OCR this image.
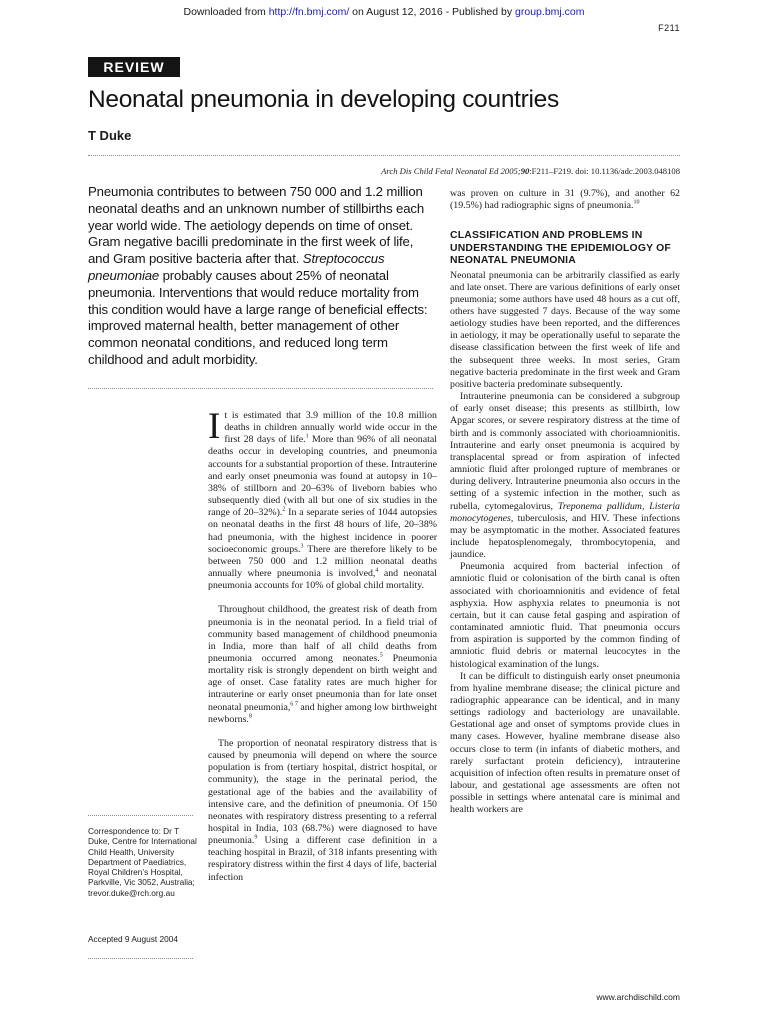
Downloaded from http://fn.bmj.com/ on August 12, 2016 - Published by group.bmj.com
F211
REVIEW
Neonatal pneumonia in developing countries
T Duke
Arch Dis Child Fetal Neonatal Ed 2005;90:F211–F219. doi: 10.1136/adc.2003.048108
Pneumonia contributes to between 750 000 and 1.2 million neonatal deaths and an unknown number of stillbirths each year world wide. The aetiology depends on time of onset. Gram negative bacilli predominate in the first week of life, and Gram positive bacteria after that. Streptococcus pneumoniae probably causes about 25% of neonatal pneumonia. Interventions that would reduce mortality from this condition would have a large range of beneficial effects: improved maternal health, better management of other common neonatal conditions, and reduced long term childhood and adult morbidity.

It is estimated that 3.9 million of the 10.8 million deaths in children annually world wide occur in the first 28 days of life.$^1$ More than 96% of all neonatal deaths occur in developing countries, and pneumonia accounts for a substantial proportion of these. Intrauterine and early onset pneumonia was found at autopsy in 10–38% of stillborn and 20–63% of liveborn babies who subsequently died (with all but one of six studies in the range of 20–32%).$^2$ In a separate series of 1044 autopsies on neonatal deaths in the first 48 hours of life, 20–38% had pneumonia, with the highest incidence in poorer socioeconomic groups.$^3$ There are therefore likely to be between 750 000 and 1.2 million neonatal deaths annually where pneumonia is involved,$^4$ and neonatal pneumonia accounts for 10% of global child mortality.

Throughout childhood, the greatest risk of death from pneumonia is in the neonatal period. In a field trial of community based management of childhood pneumonia in India, more than half of all child deaths from pneumonia occurred among neonates.$^5$ Pneumonia mortality risk is strongly dependent on birth weight and age of onset. Case fatality rates are much higher for intrauterine or early onset pneumonia than for late onset neonatal pneumonia,$^{6 7}$ and higher among low birthweight newborns.$^8$

The proportion of neonatal respiratory distress that is caused by pneumonia will depend on where the source population is from (tertiary hospital, district hospital, or community), the stage in the perinatal period, the gestational age of the babies and the availability of intensive care, and the definition of pneumonia. Of 150 neonates with respiratory distress presenting to a referral hospital in India, 103 (68.7%) were diagnosed to have pneumonia.$^9$ Using a different case definition in a teaching hospital in Brazil, of 318 infants presenting with respiratory distress within the first 4 days of life, bacterial infection

was proven on culture in 31 (9.7%), and another 62 (19.5%) had radiographic signs of pneumonia.$^{10}$

CLASSIFICATION AND PROBLEMS IN UNDERSTANDING THE EPIDEMIOLOGY OF NEONATAL PNEUMONIA

Neonatal pneumonia can be arbitrarily classified as early and late onset. There are various definitions of early onset pneumonia; some authors have used 48 hours as a cut off, others have suggested 7 days. Because of the way some aetiology studies have been reported, and the differences in aetiology, it may be operationally useful to separate the disease classification between the first week of life and the subsequent three weeks. In most series, Gram negative bacteria predominate in the first week and Gram positive bacteria predominate subsequently.

Intrauterine pneumonia can be considered a subgroup of early onset disease; this presents as stillbirth, low Apgar scores, or severe respiratory distress at the time of birth and is commonly associated with chorioamnionitis. Intrauterine and early onset pneumonia is acquired by transplacental spread or from aspiration of infected amniotic fluid after prolonged rupture of membranes or during delivery. Intrauterine pneumonia also occurs in the setting of a systemic infection in the mother, such as rubella, cytomegalovirus, Treponema pallidum, Listeria monocytogenes, tuberculosis, and HIV. These infections may be asymptomatic in the mother. Associated features include hepatosplenomegaly, thrombocytopenia, and jaundice.

Pneumonia acquired from bacterial infection of amniotic fluid or colonisation of the birth canal is often associated with chorioamnionitis and evidence of fetal asphyxia. How asphyxia relates to pneumonia is not certain, but it can cause fetal gasping and aspiration of contaminated amniotic fluid. That pneumonia occurs from aspiration is supported by the common finding of amniotic fluid debris or maternal leucocytes in the histological examination of the lungs.

It can be difficult to distinguish early onset pneumonia from hyaline membrane disease; the clinical picture and radiographic appearance can be identical, and in many settings radiology and bacteriology are unavailable. Gestational age and onset of symptoms provide clues in many cases. However, hyaline membrane disease also occurs close to term (in infants of diabetic mothers, and rarely surfactant protein deficiency), intrauterine acquisition of infection often results in premature onset of labour, and gestational age assessments are often not possible in settings where antenatal care is minimal and health workers are

Correspondence to: Dr T Duke, Centre for International Child Health, University Department of Paediatrics, Royal Children’s Hospital, Parkville, Vic 3052, Australia; trevor.duke@rch.org.au
Accepted 9 August 2004
www.archdischild.com
